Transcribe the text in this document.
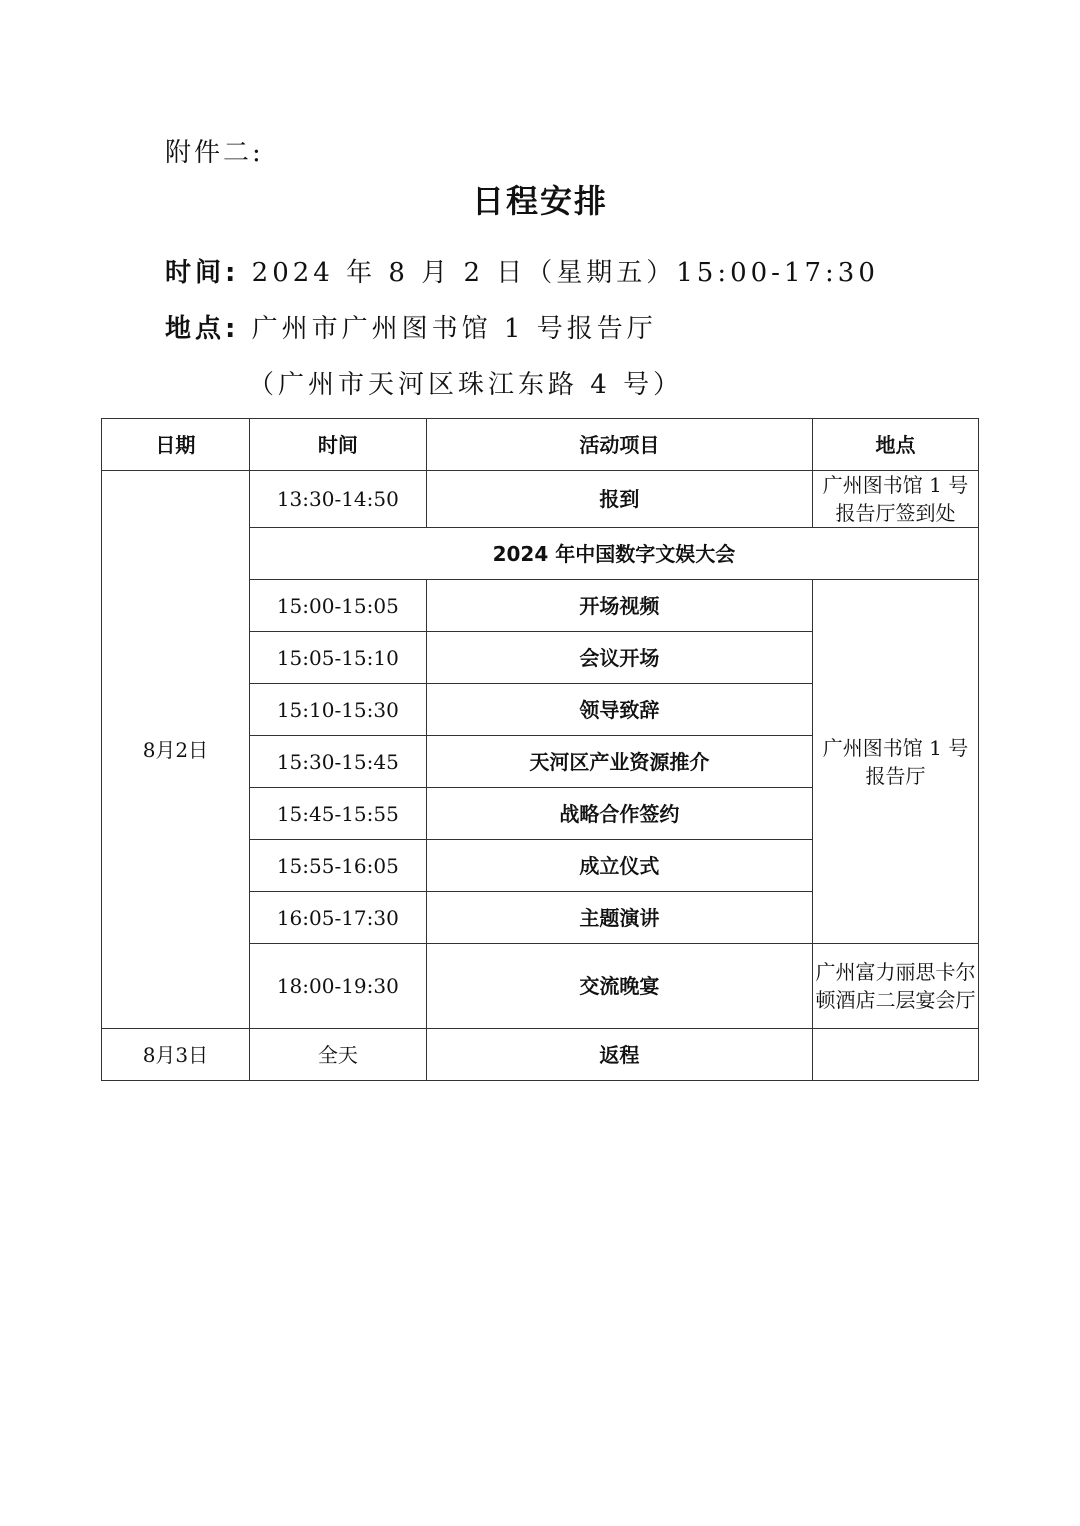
附件二:
日程安排
时间: 2024 年 8 月 2 日（星期五）15:00-17:30
地点: 广州市广州图书馆 1 号报告厅
（广州市天河区珠江东路 4 号）
日期	时间	活动项目	地点
8月2日	13:30-14:50	报到	广州图书馆 1 号报告厅签到处
	2024 年中国数字文娱大会		
	15:00-15:05	开场视频	广州图书馆 1 号报告厅
	15:05-15:10	会议开场	
	15:10-15:30	领导致辞	
	15:30-15:45	天河区产业资源推介	
	15:45-15:55	战略合作签约	
	15:55-16:05	成立仪式	
	16:05-17:30	主题演讲	
	18:00-19:30	交流晚宴	广州富力丽思卡尔顿酒店二层宴会厅
8月3日	全天	返程	
